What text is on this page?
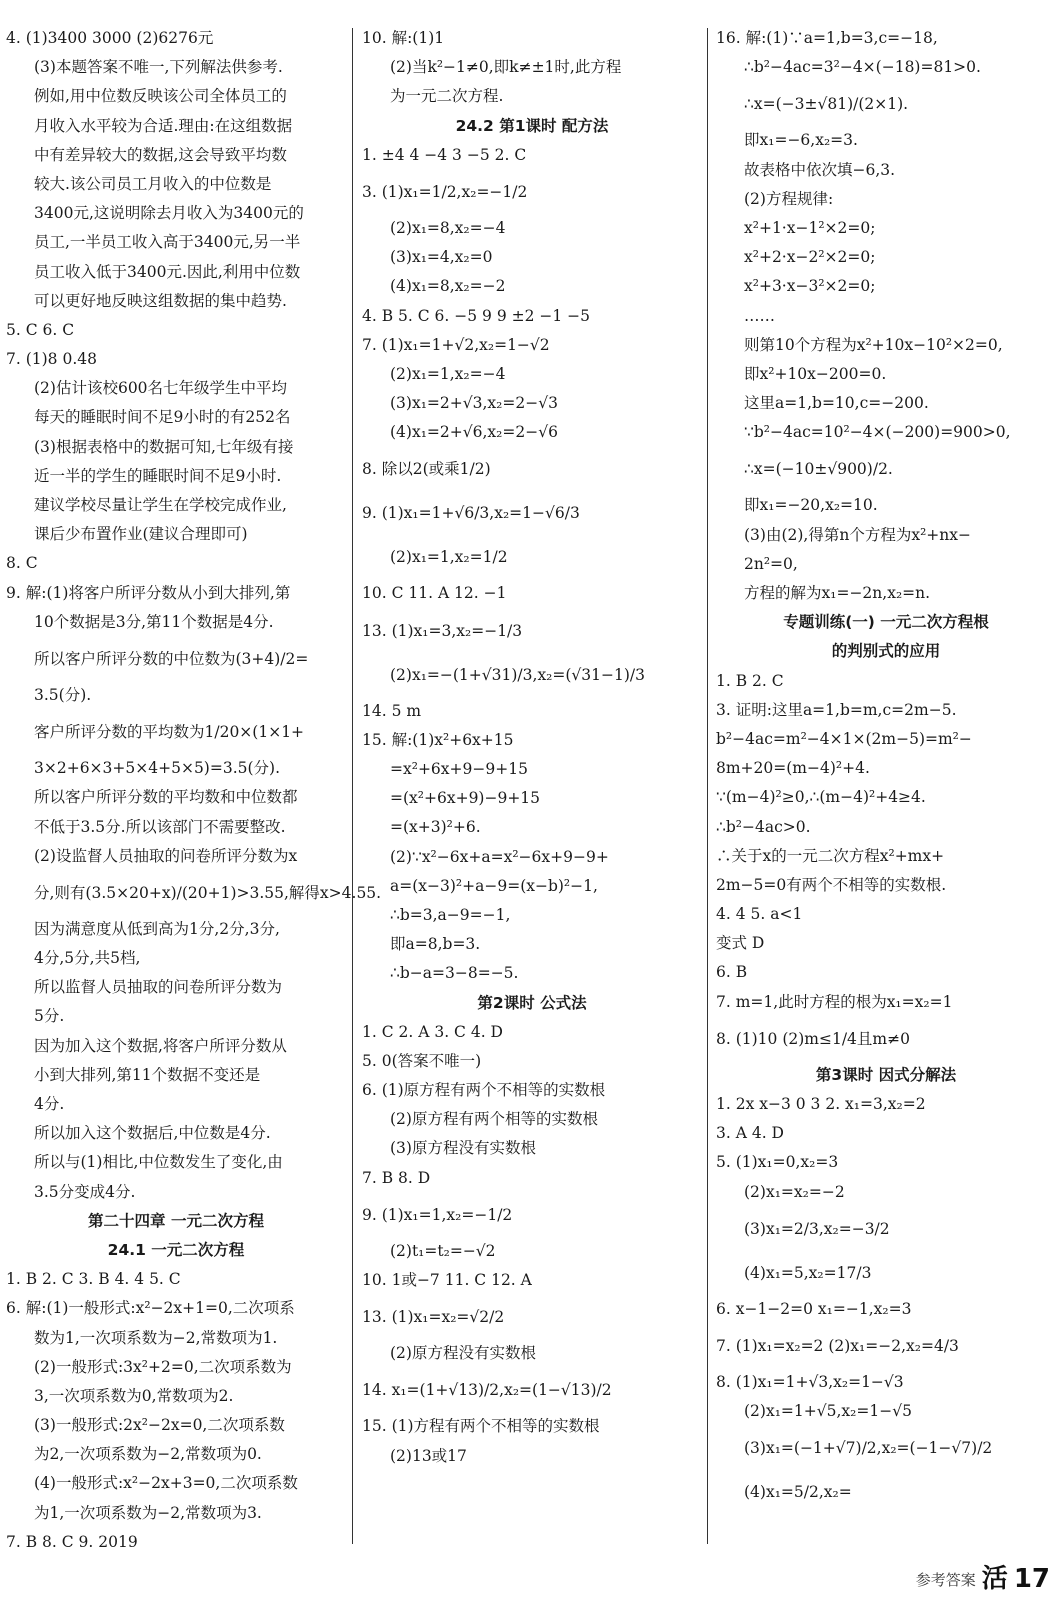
4. (1)3400 3000 (2)6276元
(3)本题答案不唯一,下列解法供参考.
例如,用中位数反映该公司全体员工的
月收入水平较为合适.理由:在这组数据
中有差异较大的数据,这会导致平均数
较大.该公司员工月收入的中位数是
3400元,这说明除去月收入为3400元的
员工,一半员工收入高于3400元,另一半
员工收入低于3400元.因此,利用中位数
可以更好地反映这组数据的集中趋势.
5. C 6. C
7. (1)8 0.48
(2)估计该校600名七年级学生中平均
每天的睡眠时间不足9小时的有252名
(3)根据表格中的数据可知,七年级有接
近一半的学生的睡眠时间不足9小时.
建议学校尽量让学生在学校完成作业,
课后少布置作业(建议合理即可)
8. C
9. 解:(1)将客户所评分数从小到大排列,第
10个数据是3分,第11个数据是4分.
所以客户所评分数的中位数为(3+4)/2=
3.5(分).
客户所评分数的平均数为1/20×(1×1+
3×2+6×3+5×4+5×5)=3.5(分).
所以客户所评分数的平均数和中位数都
不低于3.5分.所以该部门不需要整改.
(2)设监督人员抽取的问卷所评分数为x
分,则有(3.5×20+x)/(20+1)>3.55,解得x>4.55.
因为满意度从低到高为1分,2分,3分,
4分,5分,共5档,
所以监督人员抽取的问卷所评分数为
5分.
因为加入这个数据,将客户所评分数从
小到大排列,第11个数据不变还是
4分.
所以加入这个数据后,中位数是4分.
所以与(1)相比,中位数发生了变化,由
3.5分变成4分.
第二十四章 一元二次方程
24.1 一元二次方程
1. B 2. C 3. B 4. 4 5. C
6. 解:(1)一般形式:x²−2x+1=0,二次项系
数为1,一次项系数为−2,常数项为1.
(2)一般形式:3x²+2=0,二次项系数为
3,一次项系数为0,常数项为2.
(3)一般形式:2x²−2x=0,二次项系数
为2,一次项系数为−2,常数项为0.
(4)一般形式:x²−2x+3=0,二次项系数
为1,一次项系数为−2,常数项为3.
7. B 8. C 9. 2019
10. 解:(1)1
(2)当k²−1≠0,即k≠±1时,此方程
为一元二次方程.
24.2 第1课时 配方法
1. ±4 4 −4 3 −5 2. C
3. (1)x₁=1/2,x₂=−1/2
(2)x₁=8,x₂=−4
(3)x₁=4,x₂=0
(4)x₁=8,x₂=−2
4. B 5. C 6. −5 9 9 ±2 −1 −5
7. (1)x₁=1+√2,x₂=1−√2
(2)x₁=1,x₂=−4
(3)x₁=2+√3,x₂=2−√3
(4)x₁=2+√6,x₂=2−√6
8. 除以2(或乘1/2)
9. (1)x₁=1+√6/3,x₂=1−√6/3
(2)x₁=1,x₂=1/2
10. C 11. A 12. −1
13. (1)x₁=3,x₂=−1/3
(2)x₁=−(1+√31)/3,x₂=(√31−1)/3
14. 5 m
15. 解:(1)x²+6x+15
=x²+6x+9−9+15
=(x²+6x+9)−9+15
=(x+3)²+6.
(2)∵x²−6x+a=x²−6x+9−9+
a=(x−3)²+a−9=(x−b)²−1,
∴b=3,a−9=−1,
即a=8,b=3.
∴b−a=3−8=−5.
第2课时 公式法
1. C 2. A 3. C 4. D
5. 0(答案不唯一)
6. (1)原方程有两个不相等的实数根
(2)原方程有两个相等的实数根
(3)原方程没有实数根
7. B 8. D
9. (1)x₁=1,x₂=−1/2
(2)t₁=t₂=−√2
10. 1或−7 11. C 12. A
13. (1)x₁=x₂=√2/2
(2)原方程没有实数根
14. x₁=(1+√13)/2,x₂=(1−√13)/2
15. (1)方程有两个不相等的实数根
(2)13或17
16. 解:(1)∵a=1,b=3,c=−18,
∴b²−4ac=3²−4×(−18)=81>0.
∴x=(−3±√81)/(2×1).
即x₁=−6,x₂=3.
故表格中依次填−6,3.
(2)方程规律:
x²+1·x−1²×2=0;
x²+2·x−2²×2=0;
x²+3·x−3²×2=0;
……
则第10个方程为x²+10x−10²×2=0,
即x²+10x−200=0.
这里a=1,b=10,c=−200.
∵b²−4ac=10²−4×(−200)=900>0,
∴x=(−10±√900)/2.
即x₁=−20,x₂=10.
(3)由(2),得第n个方程为x²+nx−
2n²=0,
方程的解为x₁=−2n,x₂=n.
专题训练(一) 一元二次方程根
的判别式的应用
1. B 2. C
3. 证明:这里a=1,b=m,c=2m−5.
b²−4ac=m²−4×1×(2m−5)=m²−
8m+20=(m−4)²+4.
∵(m−4)²≥0,∴(m−4)²+4≥4.
∴b²−4ac>0.
∴关于x的一元二次方程x²+mx+
2m−5=0有两个不相等的实数根.
4. 4 5. a<1
变式 D
6. B
7. m=1,此时方程的根为x₁=x₂=1
8. (1)10 (2)m≤1/4且m≠0
第3课时 因式分解法
1. 2x x−3 0 3 2. x₁=3,x₂=2
3. A 4. D
5. (1)x₁=0,x₂=3
(2)x₁=x₂=−2
(3)x₁=2/3,x₂=−3/2
(4)x₁=5,x₂=17/3
6. x−1−2=0 x₁=−1,x₂=3
7. (1)x₁=x₂=2 (2)x₁=−2,x₂=4/3
8. (1)x₁=1+√3,x₂=1−√3
(2)x₁=1+√5,x₂=1−√5
(3)x₁=(−1+√7)/2,x₂=(−1−√7)/2
(4)x₁=5/2,x₂=
参考答案 活 17
